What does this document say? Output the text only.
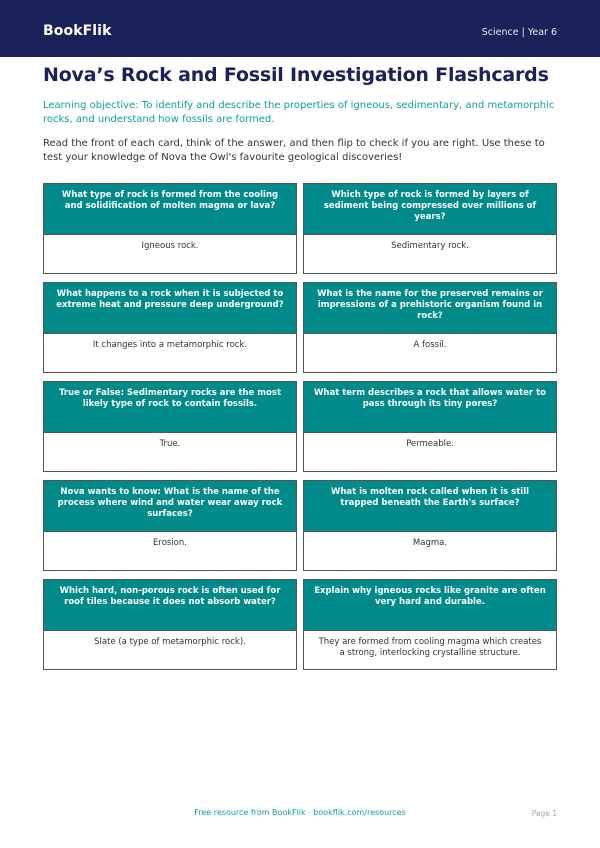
BookFlik	Science | Year 6
Nova’s Rock and Fossil Investigation Flashcards

Learning objective: To identify and describe the properties of igneous, sedimentary, and metamorphic rocks, and understand how fossils are formed.

Read the front of each card, think of the answer, and then flip to check if you are right. Use these to test your knowledge of Nova the Owl's favourite geological discoveries!

What type of rock is formed from the cooling and solidification of molten magma or lava?
Igneous rock.
Which type of rock is formed by layers of sediment being compressed over millions of years?
Sedimentary rock.
What happens to a rock when it is subjected to extreme heat and pressure deep underground?
It changes into a metamorphic rock.
What is the name for the preserved remains or impressions of a prehistoric organism found in rock?
A fossil.
True or False: Sedimentary rocks are the most likely type of rock to contain fossils.
True.
What term describes a rock that allows water to pass through its tiny pores?
Permeable.
Nova wants to know: What is the name of the process where wind and water wear away rock surfaces?
Erosion.
What is molten rock called when it is still trapped beneath the Earth's surface?
Magma.
Which hard, non-porous rock is often used for roof tiles because it does not absorb water?
Slate (a type of metamorphic rock).
Explain why igneous rocks like granite are often very hard and durable.
They are formed from cooling magma which creates a strong, interlocking crystalline structure.
Free resource from BookFlik · bookflik.com/resources	Page 1
